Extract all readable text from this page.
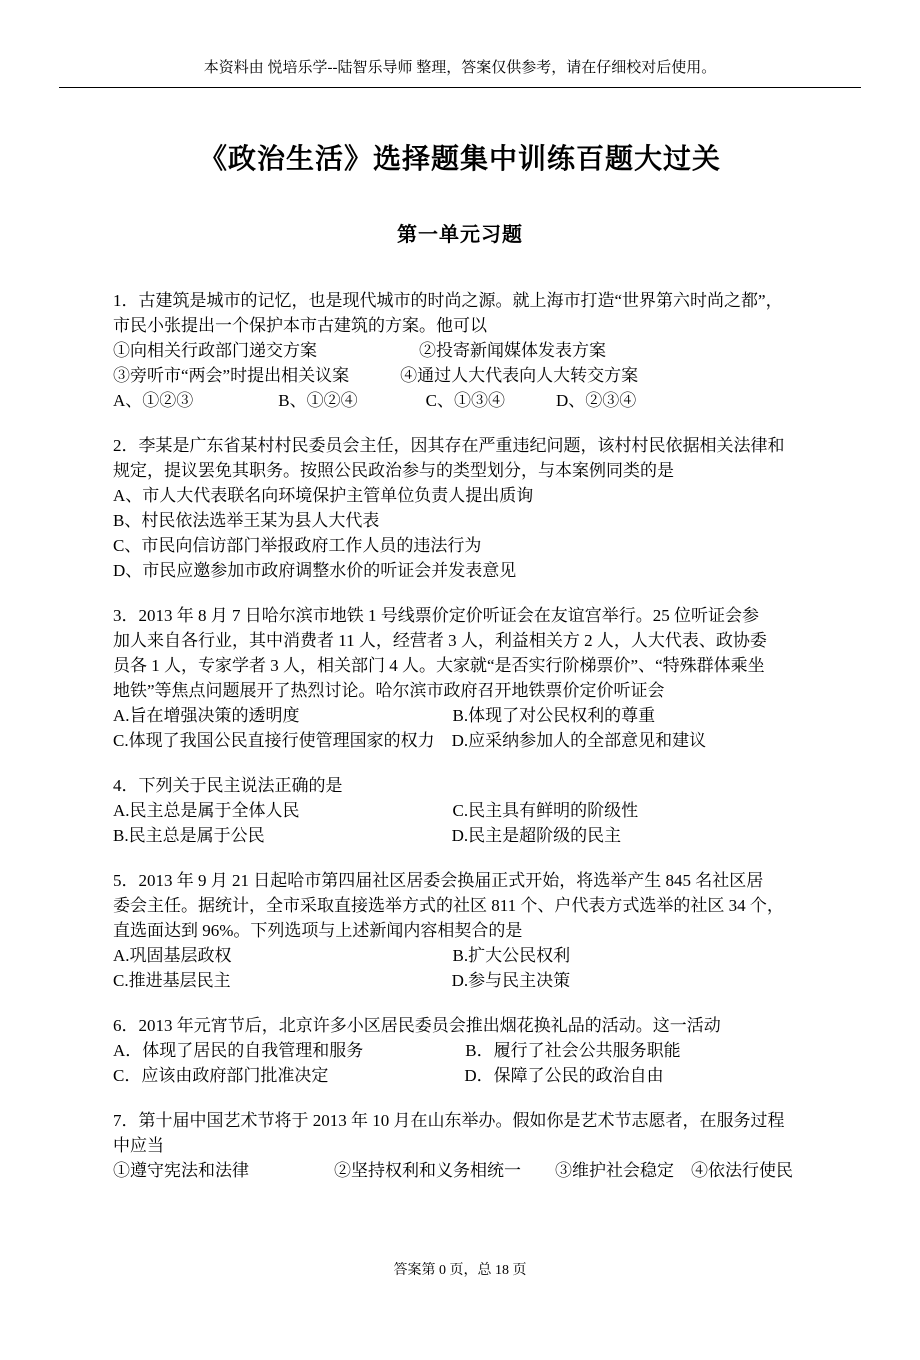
本资料由 悦培乐学--陆智乐导师 整理，答案仅供参考，请在仔细校对后使用。
《政治生活》选择题集中训练百题大过关
第一单元习题
1．古建筑是城市的记忆，也是现代城市的时尚之源。就上海市打造“世界第六时尚之都”，
市民小张提出一个保护本市古建筑的方案。他可以
①向相关行政部门递交方案　　　　　　②投寄新闻媒体发表方案
③旁听市“两会”时提出相关议案　　　④通过人大代表向人大转交方案
A、①②③　　　　　B、①②④　　　　C、①③④　　　D、②③④
2．李某是广东省某村村民委员会主任，因其存在严重违纪问题，该村村民依据相关法律和
规定，提议罢免其职务。按照公民政治参与的类型划分，与本案例同类的是
A、市人大代表联名向环境保护主管单位负责人提出质询
B、村民依法选举王某为县人大代表
C、市民向信访部门举报政府工作人员的违法行为
D、市民应邀参加市政府调整水价的听证会并发表意见
3．2013 年 8 月 7 日哈尔滨市地铁 1 号线票价定价听证会在友谊宫举行。25 位听证会参
加人来自各行业，其中消费者 11 人，经营者 3 人，利益相关方 2 人，人大代表、政协委
员各 1 人，专家学者 3 人，相关部门 4 人。大家就“是否实行阶梯票价”、“特殊群体乘坐
地铁”等焦点问题展开了热烈讨论。哈尔滨市政府召开地铁票价定价听证会
A.旨在增强决策的透明度　　　　　　　　　B.体现了对公民权利的尊重
C.体现了我国公民直接行使管理国家的权力　D.应采纳参加人的全部意见和建议
4．下列关于民主说法正确的是
A.民主总是属于全体人民　　　　　　　　　C.民主具有鲜明的阶级性
B.民主总是属于公民　　　　　　　　　　　D.民主是超阶级的民主
5．2013 年 9 月 21 日起哈市第四届社区居委会换届正式开始，将选举产生 845 名社区居
委会主任。据统计，全市采取直接选举方式的社区 811 个、户代表方式选举的社区 34 个，
直选面达到 96%。下列选项与上述新闻内容相契合的是
A.巩固基层政权　　　　　　　　　　　　　B.扩大公民权利
C.推进基层民主　　　　　　　　　　　　　D.参与民主决策
6．2013 年元宵节后，北京许多小区居民委员会推出烟花换礼品的活动。这一活动
A．体现了居民的自我管理和服务　　　　　　B．履行了社会公共服务职能
C．应该由政府部门批准决定　　　　　　　　D．保障了公民的政治自由
7．第十届中国艺术节将于 2013 年 10 月在山东举办。假如你是艺术节志愿者，在服务过程
中应当
①遵守宪法和法律　　　　　②坚持权利和义务相统一　　③维护社会稳定　④依法行使民
答案第 0 页，总 18 页
